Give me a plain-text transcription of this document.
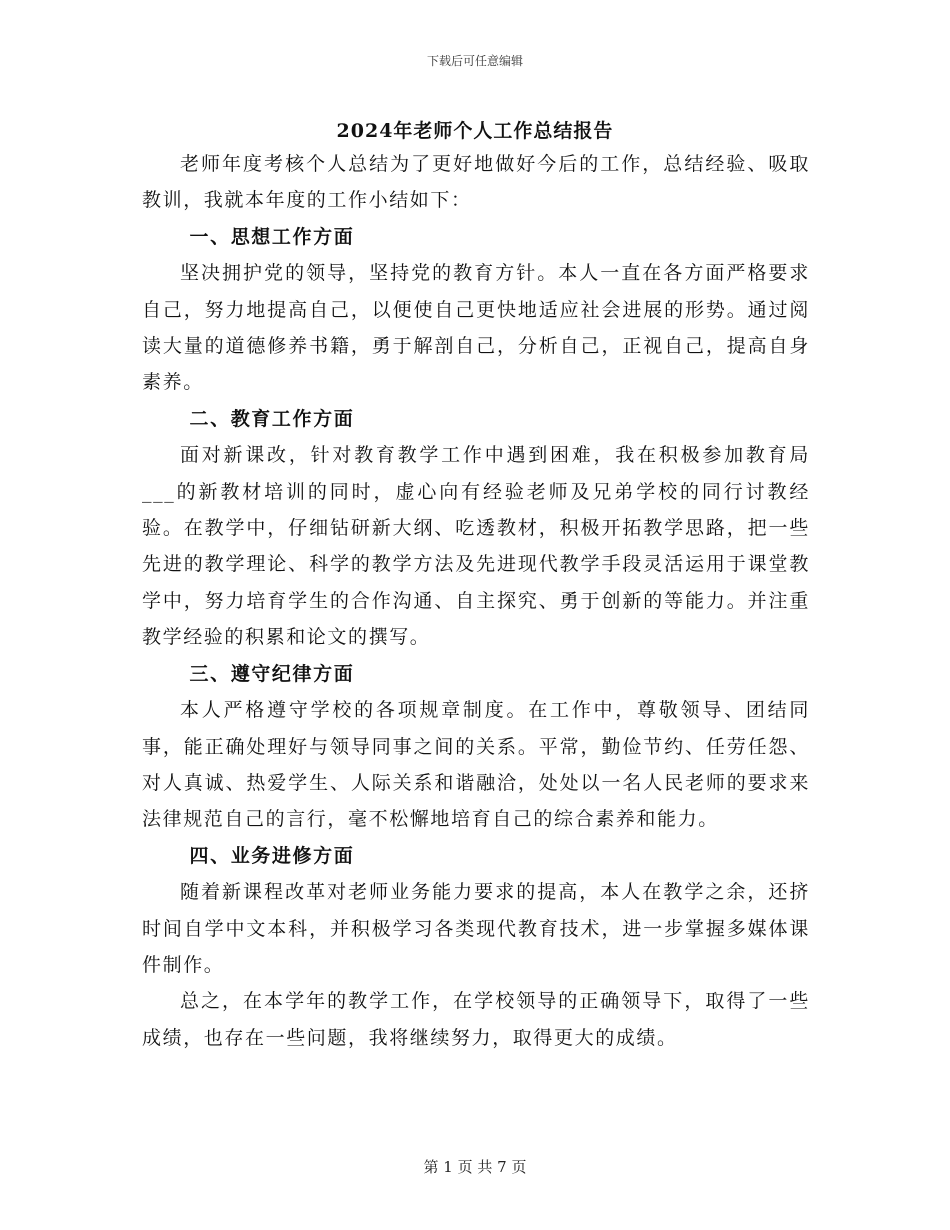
下载后可任意编辑
2024年老师个人工作总结报告

老师年度考核个人总结为了更好地做好今后的工作，总结经验、吸取教训，我就本年度的工作小结如下：

一、思想工作方面

坚决拥护党的领导，坚持党的教育方针。本人一直在各方面严格要求自己，努力地提高自己，以便使自己更快地适应社会进展的形势。通过阅读大量的道德修养书籍，勇于解剖自己，分析自己，正视自己，提高自身素养。

二、教育工作方面

面对新课改，针对教育教学工作中遇到困难，我在积极参加教育局___的新教材培训的同时，虚心向有经验老师及兄弟学校的同行讨教经验。在教学中，仔细钻研新大纲、吃透教材，积极开拓教学思路，把一些先进的教学理论、科学的教学方法及先进现代教学手段灵活运用于课堂教学中，努力培育学生的合作沟通、自主探究、勇于创新的等能力。并注重教学经验的积累和论文的撰写。

三、遵守纪律方面

本人严格遵守学校的各项规章制度。在工作中，尊敬领导、团结同事，能正确处理好与领导同事之间的关系。平常，勤俭节约、任劳任怨、对人真诚、热爱学生、人际关系和谐融洽，处处以一名人民老师的要求来法律规范自己的言行，毫不松懈地培育自己的综合素养和能力。

四、业务进修方面

随着新课程改革对老师业务能力要求的提高，本人在教学之余，还挤时间自学中文本科，并积极学习各类现代教育技术，进一步掌握多媒体课件制作。

总之，在本学年的教学工作，在学校领导的正确领导下，取得了一些成绩，也存在一些问题，我将继续努力，取得更大的成绩。

第 1 页 共 7 页
